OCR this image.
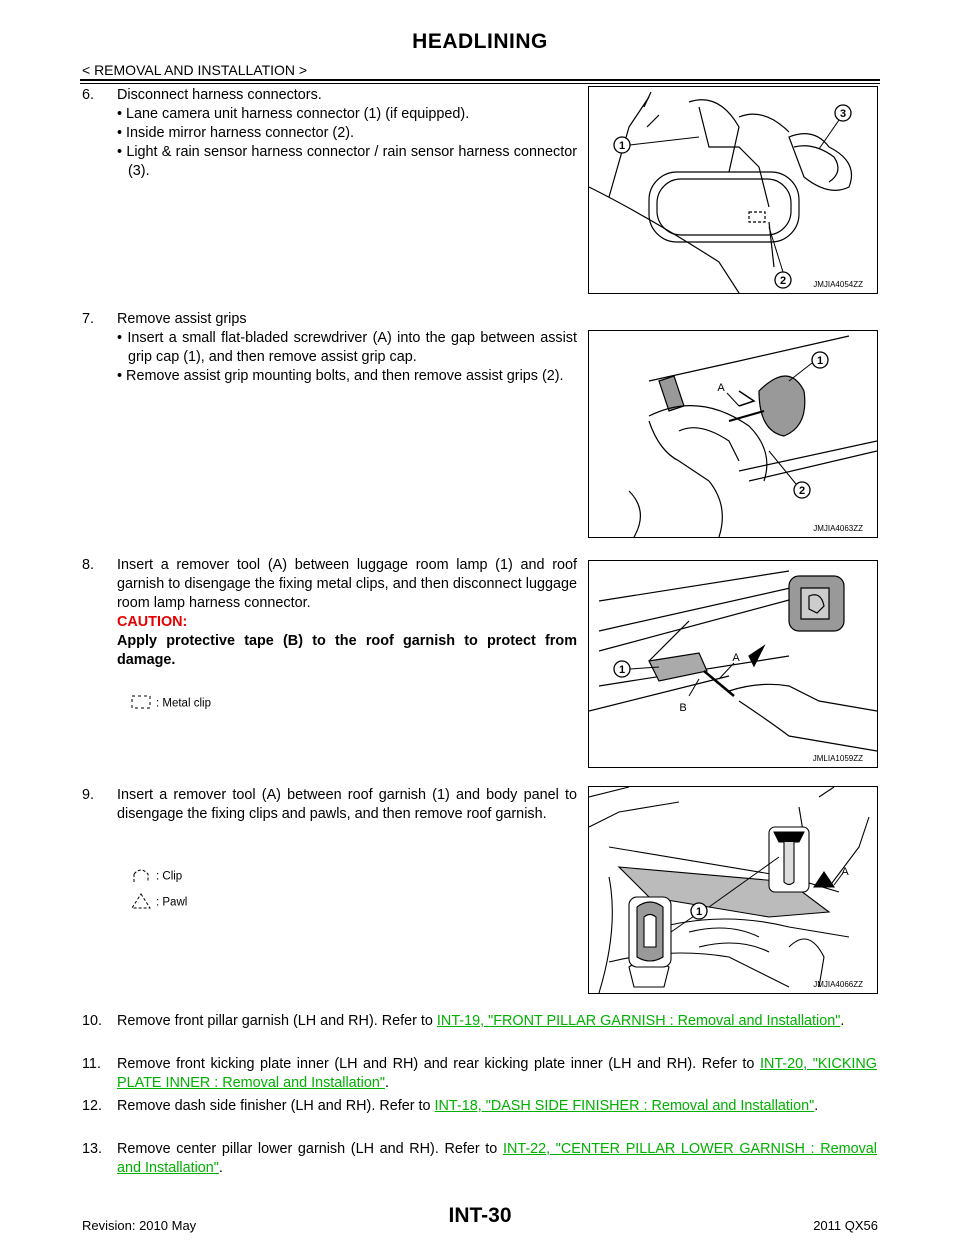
HEADLINING
< REMOVAL AND INSTALLATION >
6. Disconnect harness connectors.
• Lane camera unit harness connector (1) (if equipped).
• Inside mirror harness connector (2).
• Light & rain sensor harness connector / rain sensor harness connector (3).
1
2
3
JMJIA4054ZZ
7. Remove assist grips
• Insert a small flat-bladed screwdriver (A) into the gap between assist grip cap (1), and then remove assist grip cap.
• Remove assist grip mounting bolts, and then remove assist grips (2).
1
2
A
JMJIA4063ZZ
8. Insert a remover tool (A) between luggage room lamp (1) and roof garnish to disengage the fixing metal clips, and then disconnect luggage room lamp harness connector.
CAUTION:
Apply protective tape (B) to the roof garnish to protect from damage.
: Metal clip
1
A
B
JMLIA1059ZZ
9. Insert a remover tool (A) between roof garnish (1) and body panel to disengage the fixing clips and pawls, and then remove roof garnish.
: Clip
: Pawl
1
A
JMJIA4066ZZ
10. Remove front pillar garnish (LH and RH). Refer to INT-19, "FRONT PILLAR GARNISH : Removal and Installation".
11. Remove front kicking plate inner (LH and RH) and rear kicking plate inner (LH and RH). Refer to INT-20, "KICKING PLATE INNER : Removal and Installation".
12. Remove dash side finisher (LH and RH). Refer to INT-18, "DASH SIDE FINISHER : Removal and Installation".
13. Remove center pillar lower garnish (LH and RH). Refer to INT-22, "CENTER PILLAR LOWER GARNISH : Removal and Installation".
INT-30
Revision: 2010 May	2011 QX56
